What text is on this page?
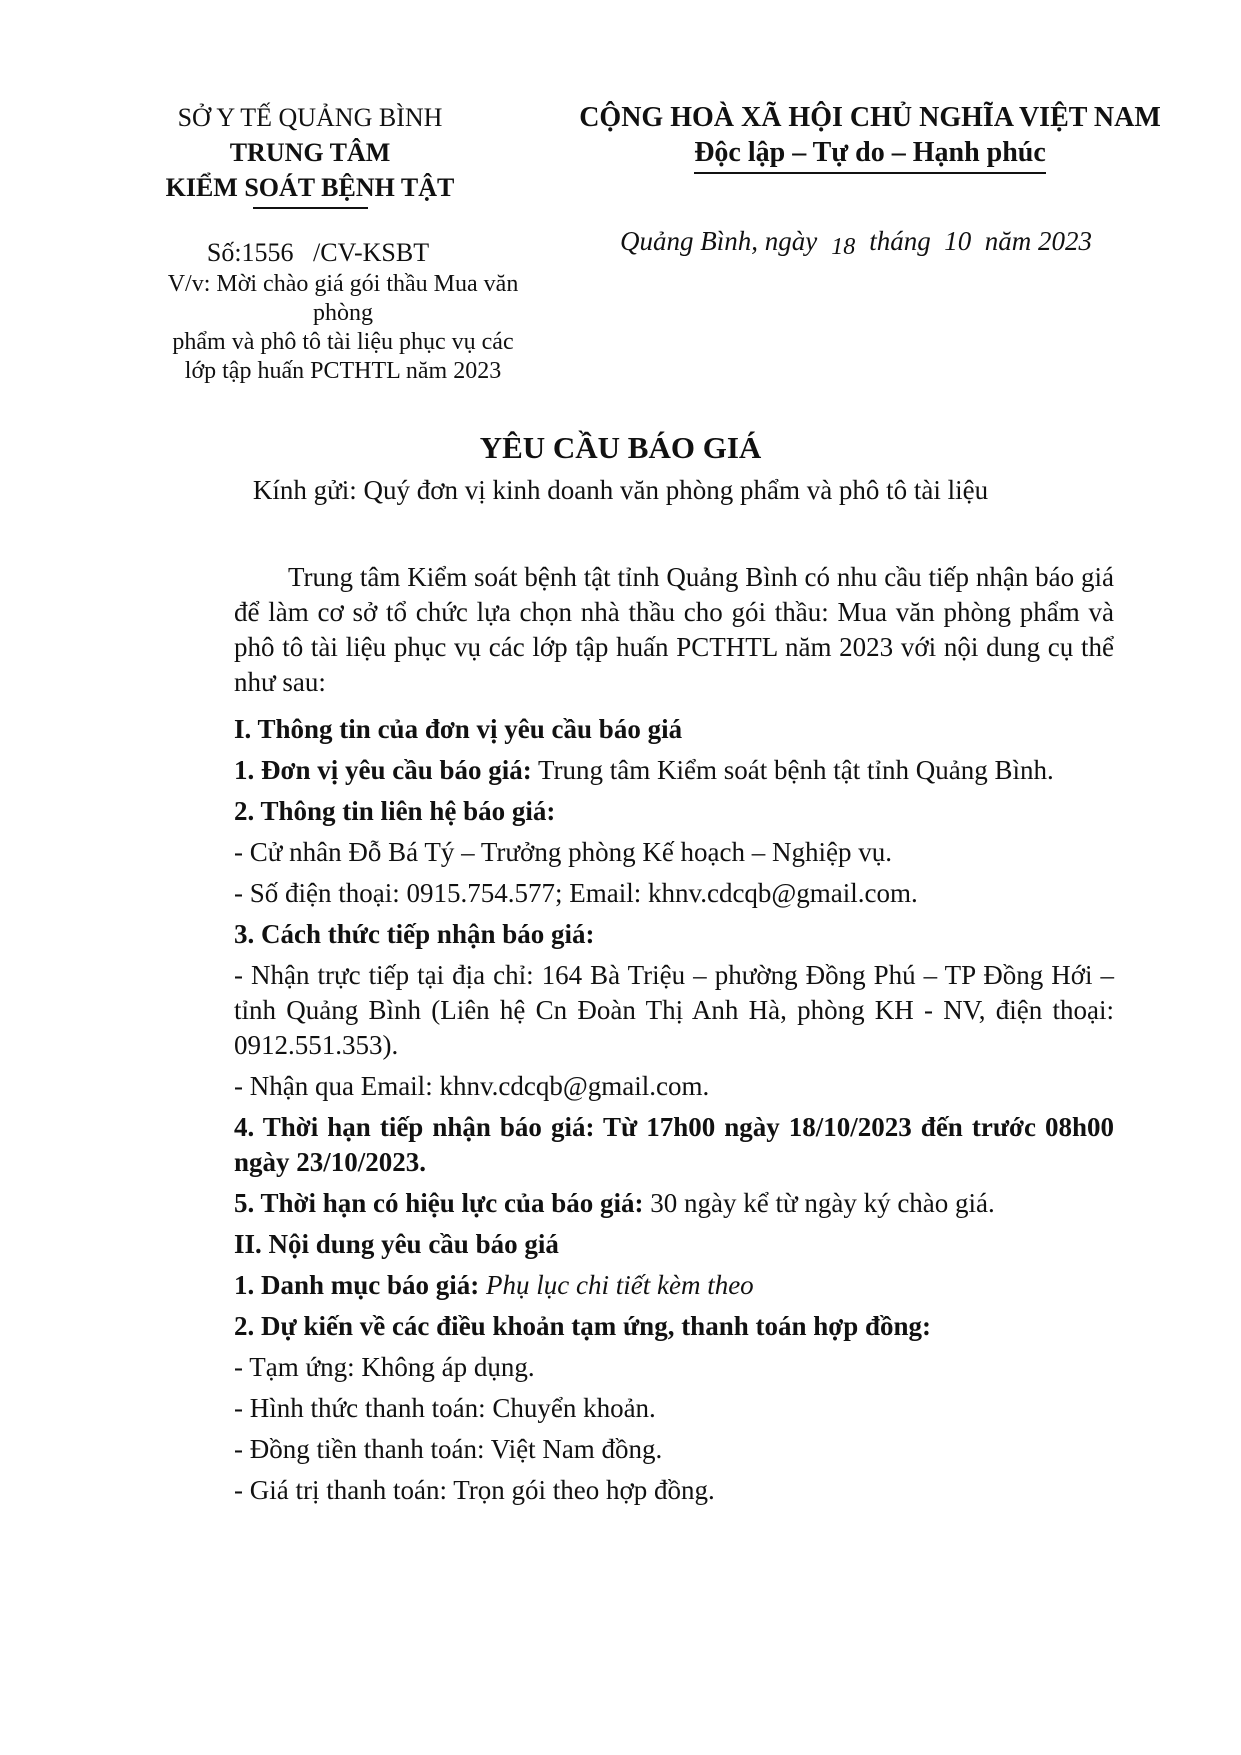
SỞ Y TẾ QUẢNG BÌNH
TRUNG TÂM
KIỂM SOÁT BỆNH TẬT
CỘNG HOÀ XÃ HỘI CHỦ NGHĨA VIỆT NAM
Độc lập – Tự do – Hạnh phúc
Số:1556 /CV-KSBT
V/v: Mời chào giá gói thầu Mua văn phòng
phẩm và phô tô tài liệu phục vụ các
lớp tập huấn PCTHTL năm 2023
Quảng Bình, ngày 18 tháng 10 năm 2023
YÊU CẦU BÁO GIÁ
Kính gửi: Quý đơn vị kinh doanh văn phòng phẩm và phô tô tài liệu

Trung tâm Kiểm soát bệnh tật tỉnh Quảng Bình có nhu cầu tiếp nhận báo giá để làm cơ sở tổ chức lựa chọn nhà thầu cho gói thầu: Mua văn phòng phẩm và phô tô tài liệu phục vụ các lớp tập huấn PCTHTL năm 2023 với nội dung cụ thể như sau:

I. Thông tin của đơn vị yêu cầu báo giá

1. Đơn vị yêu cầu báo giá: Trung tâm Kiểm soát bệnh tật tỉnh Quảng Bình.

2. Thông tin liên hệ báo giá:

- Cử nhân Đỗ Bá Tý – Trưởng phòng Kế hoạch – Nghiệp vụ.

- Số điện thoại: 0915.754.577; Email: khnv.cdcqb@gmail.com.

3. Cách thức tiếp nhận báo giá:

- Nhận trực tiếp tại địa chỉ: 164 Bà Triệu – phường Đồng Phú – TP Đồng Hới – tỉnh Quảng Bình (Liên hệ Cn Đoàn Thị Anh Hà, phòng KH - NV, điện thoại: 0912.551.353).

- Nhận qua Email: khnv.cdcqb@gmail.com.

4. Thời hạn tiếp nhận báo giá: Từ 17h00 ngày 18/10/2023 đến trước 08h00 ngày 23/10/2023.

5. Thời hạn có hiệu lực của báo giá: 30 ngày kể từ ngày ký chào giá.

II. Nội dung yêu cầu báo giá

1. Danh mục báo giá: Phụ lục chi tiết kèm theo

2. Dự kiến về các điều khoản tạm ứng, thanh toán hợp đồng:

- Tạm ứng: Không áp dụng.

- Hình thức thanh toán: Chuyển khoản.

- Đồng tiền thanh toán: Việt Nam đồng.

- Giá trị thanh toán: Trọn gói theo hợp đồng.
